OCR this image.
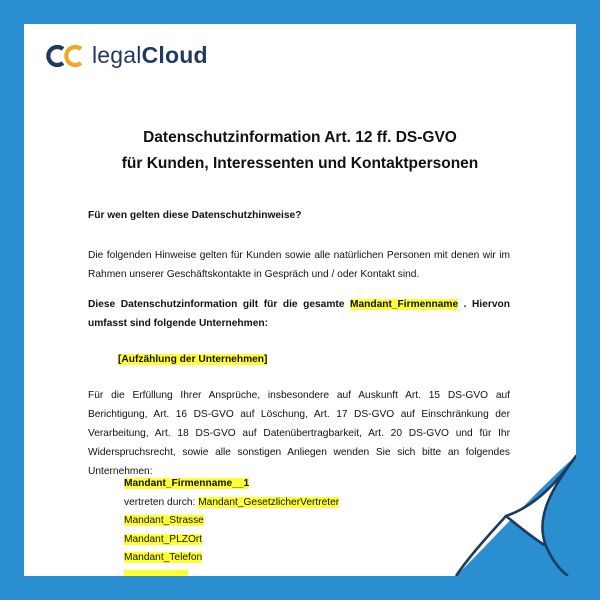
legalCloud
Datenschutzinformation Art. 12 ff. DS-GVO
für Kunden, Interessenten und Kontaktpersonen
Für wen gelten diese Datenschutzhinweise?
Die folgenden Hinweise gelten für Kunden sowie alle natürlichen Personen mit denen wir im Rahmen unserer Geschäftskontakte in Gespräch und / oder Kontakt sind.
Diese Datenschutzinformation gilt für die gesamte Mandant_Firmenname . Hiervon umfasst sind folgende Unternehmen:
[Aufzählung der Unternehmen]
Für die Erfüllung Ihrer Ansprüche, insbesondere auf Auskunft Art. 15 DS-GVO auf Berichtigung, Art. 16 DS-GVO auf Löschung, Art. 17 DS-GVO auf Einschränkung der Verarbeitung, Art. 18 DS-GVO auf Datenübertragbarkeit, Art. 20 DS-GVO und für Ihr Widerspruchsrecht, sowie alle sonstigen Anliegen wenden Sie sich bitte an folgendes Unternehmen:
Mandant_Firmenname__1
vertreten durch: Mandant_GesetzlicherVertreter
Mandant_Strasse
Mandant_PLZOrt
Mandant_Telefon
